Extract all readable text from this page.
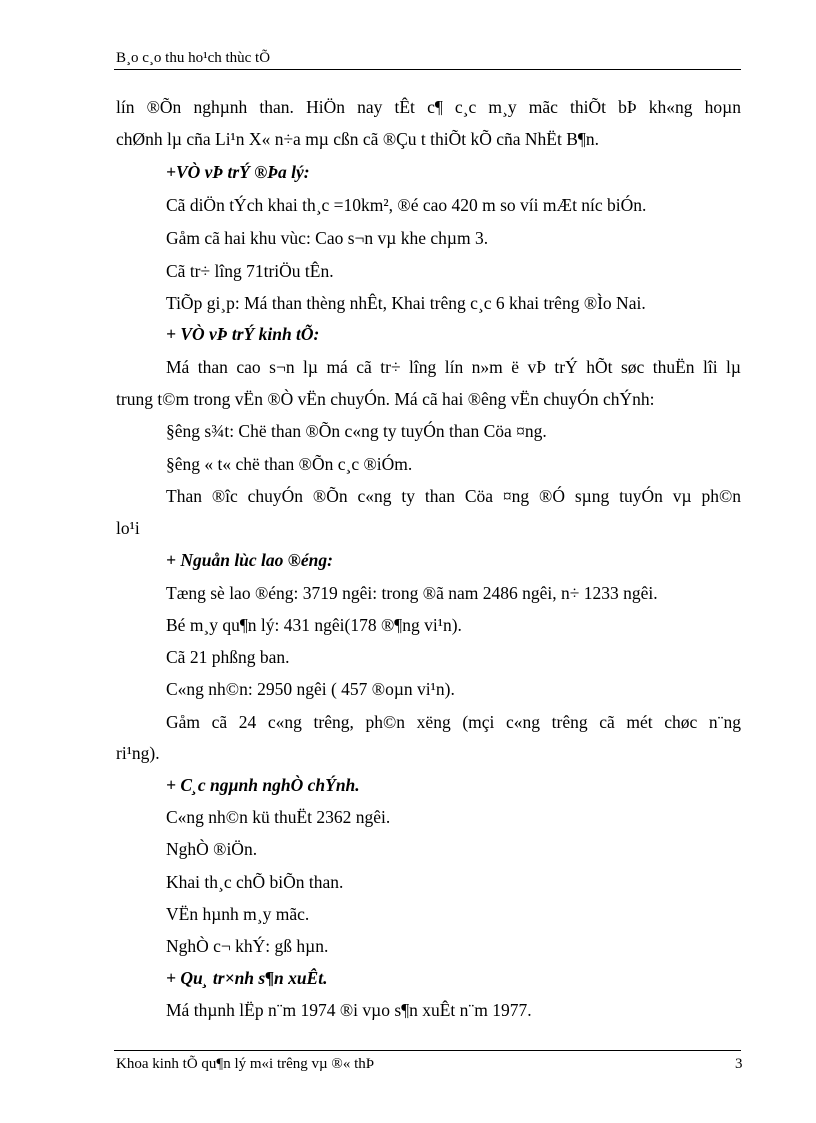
B¸o c¸o thu ho¹ch thùc tÕ
lín ®Õn nghµnh than. HiÖn nay tÊt c¶ c¸c m¸y mãc thiÕt bÞ kh«ng hoµn
chØnh lµ cña Li¹n X« n÷a mµ cßn cã ®Çu t thiÕt kÕ cña NhËt B¶n.
+VÒ vÞ trÝ ®Þa lý:
Cã diÖn tÝch khai th¸c =10km², ®é cao 420 m so víi mÆt níc biÓn.
Gåm cã hai khu vùc: Cao s¬n vµ khe chµm 3.
Cã tr÷ lîng 71triÖu tÊn.
TiÕp gi¸p: Má than thèng nhÊt, Khai trêng c¸c 6 khai trêng ®Ìo Nai.
+ VÒ vÞ trÝ kinh tÕ:
Má than cao s¬n lµ má cã tr÷ lîng lín n»m ë vÞ trÝ hÕt søc thuËn lîi lµ
trung t©m trong vËn ®Ò vËn chuyÓn. Má cã hai ®êng vËn chuyÓn chÝnh:
§êng s¾t: Chë than ®Õn c«ng ty tuyÓn than Cöa ¤ng.
§êng « t« chë than ®Õn c¸c ®iÓm.
Than ®îc chuyÓn ®Õn c«ng ty than Cöa ¤ng ®Ó sµng tuyÓn vµ ph©n
lo¹i
+ Nguån lùc lao ®éng:
Tæng sè lao ®éng: 3719 ngêi: trong ®ã nam 2486 ngêi, n÷ 1233 ngêi.
Bé m¸y qu¶n lý: 431 ngêi(178 ®¶ng vi¹n).
Cã 21 phßng ban.
C«ng nh©n: 2950 ngêi ( 457 ®oµn vi¹n).
Gåm cã 24 c«ng trêng, ph©n xëng (mçi c«ng trêng cã mét chøc n¨ng
ri¹ng).
+ C¸c ngµnh nghÒ chÝnh.
C«ng nh©n kü thuËt 2362 ngêi.
NghÒ ®iÖn.
Khai th¸c chÕ biÕn than.
VËn hµnh m¸y mãc.
NghÒ c¬ khÝ: gß hµn.
+ Qu¸ tr×nh s¶n xuÊt.
Má thµnh lËp n¨m 1974 ®i vµo s¶n xuÊt n¨m 1977.
Khoa kinh tÕ qu¶n lý m«i trêng vµ ®« thÞ	3
